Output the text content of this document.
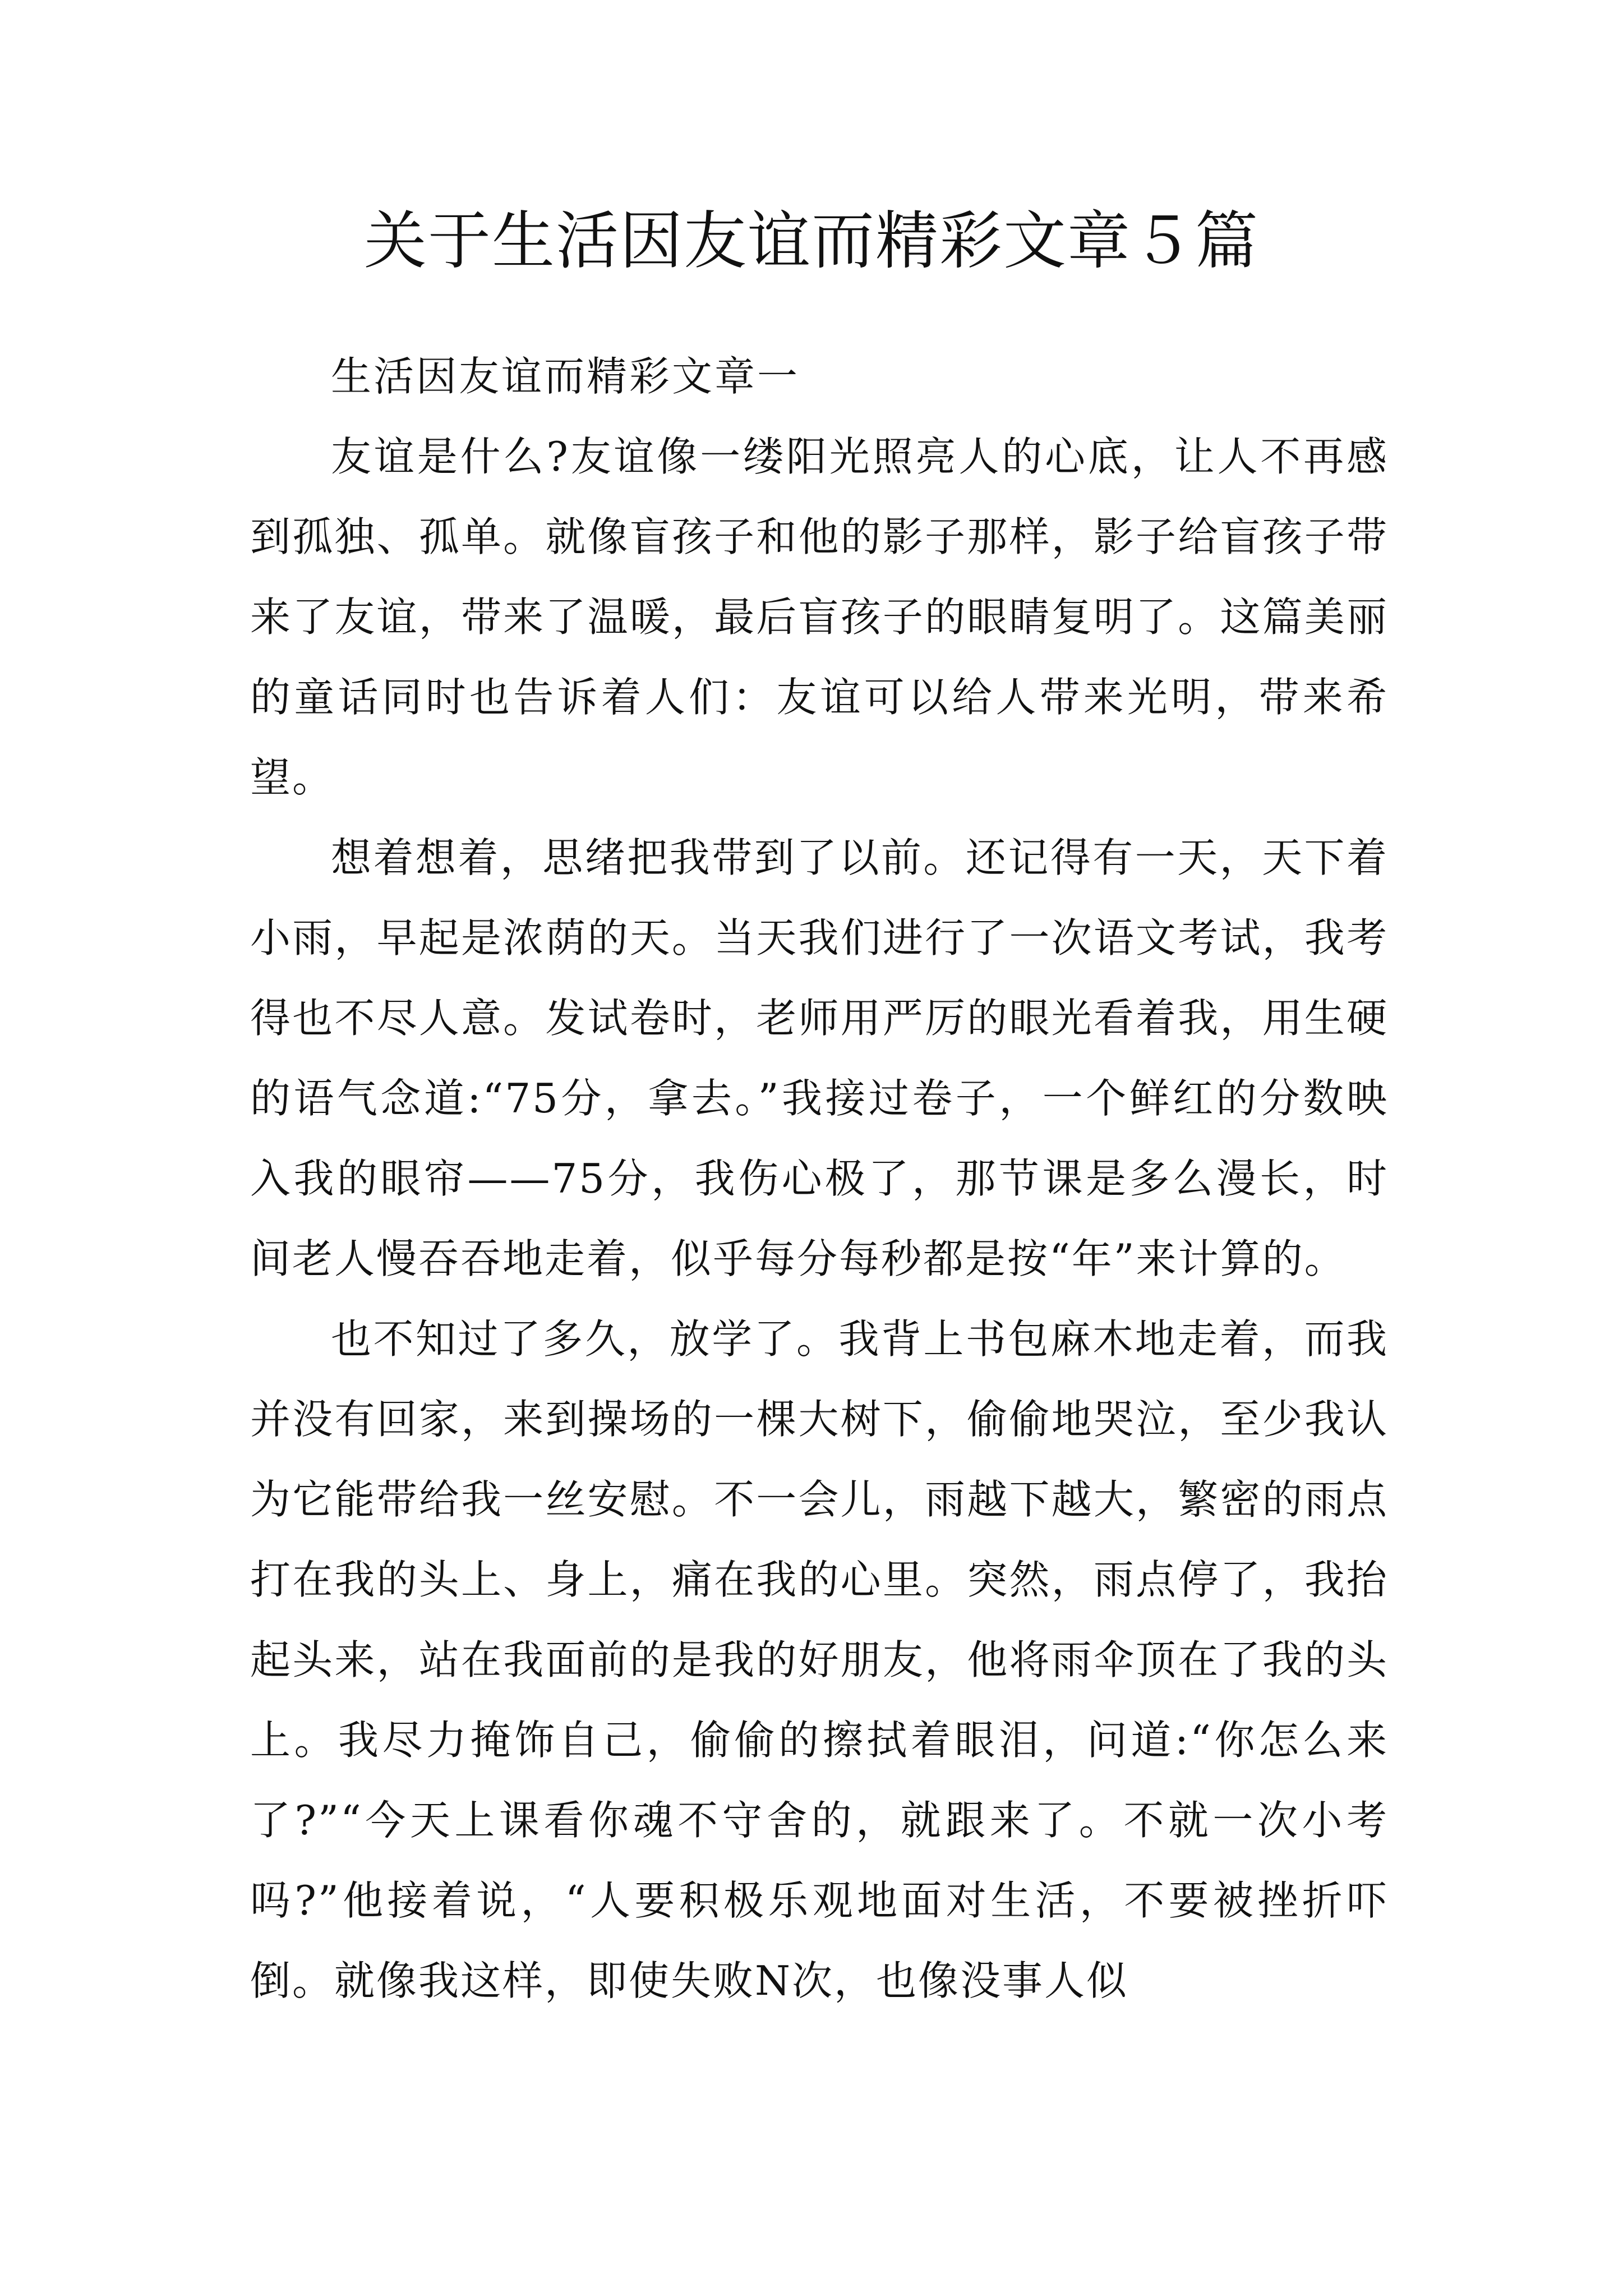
关于生活因友谊而精彩文章５篇

生活因友谊而精彩文章一

友谊是什么?友谊像一缕阳光照亮人的心底，让人不再感到孤独、孤单。就像盲孩子和他的影子那样，影子给盲孩子带来了友谊，带来了温暖，最后盲孩子的眼睛复明了。这篇美丽的童话同时也告诉着人们：友谊可以给人带来光明，带来希望。

想着想着，思绪把我带到了以前。还记得有一天，天下着小雨，早起是浓荫的天。当天我们进行了一次语文考试，我考得也不尽人意。发试卷时，老师用严厉的眼光看着我，用生硬的语气念道:“75分，拿去。”我接过卷子，一个鲜红的分数映入我的眼帘——75分，我伤心极了，那节课是多么漫长，时间老人慢吞吞地走着，似乎每分每秒都是按“年”来计算的。

也不知过了多久，放学了。我背上书包麻木地走着，而我并没有回家，来到操场的一棵大树下，偷偷地哭泣，至少我认为它能带给我一丝安慰。不一会儿，雨越下越大，繁密的雨点打在我的头上、身上，痛在我的心里。突然，雨点停了，我抬起头来，站在我面前的是我的好朋友，他将雨伞顶在了我的头上。我尽力掩饰自己，偷偷的擦拭着眼泪，问道:“你怎么来了?”“今天上课看你魂不守舍的，就跟来了。不就一次小考吗?”他接着说，“人要积极乐观地面对生活，不要被挫折吓倒。就像我这样，即使失败N次，也像没事人似
